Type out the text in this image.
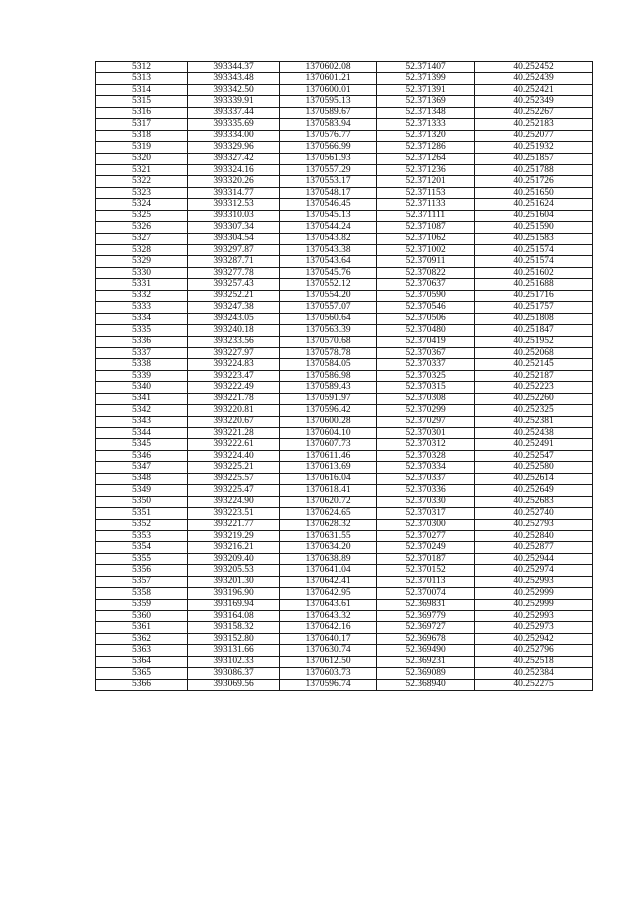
5312	393344.37	1370602.08	52.371407	40.252452
5313	393343.48	1370601.21	52.371399	40.252439
5314	393342.50	1370600.01	52.371391	40.252421
5315	393339.91	1370595.13	52.371369	40.252349
5316	393337.44	1370589.67	52.371348	40.252267
5317	393335.69	1370583.94	52.371333	40.252183
5318	393334.00	1370576.77	52.371320	40.252077
5319	393329.96	1370566.99	52.371286	40.251932
5320	393327.42	1370561.93	52.371264	40.251857
5321	393324.16	1370557.29	52.371236	40.251788
5322	393320.26	1370553.17	52.371201	40.251726
5323	393314.77	1370548.17	52.371153	40.251650
5324	393312.53	1370546.45	52.371133	40.251624
5325	393310.03	1370545.13	52.371111	40.251604
5326	393307.34	1370544.24	52.371087	40.251590
5327	393304.54	1370543.82	52.371062	40.251583
5328	393297.87	1370543.38	52.371002	40.251574
5329	393287.71	1370543.64	52.370911	40.251574
5330	393277.78	1370545.76	52.370822	40.251602
5331	393257.43	1370552.12	52.370637	40.251688
5332	393252.21	1370554.20	52.370590	40.251716
5333	393247.38	1370557.07	52.370546	40.251757
5334	393243.05	1370560.64	52.370506	40.251808
5335	393240.18	1370563.39	52.370480	40.251847
5336	393233.56	1370570.68	52.370419	40.251952
5337	393227.97	1370578.78	52.370367	40.252068
5338	393224.83	1370584.05	52.370337	40.252145
5339	393223.47	1370586.98	52.370325	40.252187
5340	393222.49	1370589.43	52.370315	40.252223
5341	393221.78	1370591.97	52.370308	40.252260
5342	393220.81	1370596.42	52.370299	40.252325
5343	393220.67	1370600.28	52.370297	40.252381
5344	393221.28	1370604.10	52.370301	40.252438
5345	393222.61	1370607.73	52.370312	40.252491
5346	393224.40	1370611.46	52.370328	40.252547
5347	393225.21	1370613.69	52.370334	40.252580
5348	393225.57	1370616.04	52.370337	40.252614
5349	393225.47	1370618.41	52.370336	40.252649
5350	393224.90	1370620.72	52.370330	40.252683
5351	393223.51	1370624.65	52.370317	40.252740
5352	393221.77	1370628.32	52.370300	40.252793
5353	393219.29	1370631.55	52.370277	40.252840
5354	393216.21	1370634.20	52.370249	40.252877
5355	393209.40	1370638.89	52.370187	40.252944
5356	393205.53	1370641.04	52.370152	40.252974
5357	393201.30	1370642.41	52.370113	40.252993
5358	393196.90	1370642.95	52.370074	40.252999
5359	393169.94	1370643.61	52.369831	40.252999
5360	393164.08	1370643.32	52.369779	40.252993
5361	393158.32	1370642.16	52.369727	40.252973
5362	393152.80	1370640.17	52.369678	40.252942
5363	393131.66	1370630.74	52.369490	40.252796
5364	393102.33	1370612.50	52.369231	40.252518
5365	393086.37	1370603.73	52.369089	40.252384
5366	393069.56	1370596.74	52.368940	40.252275
